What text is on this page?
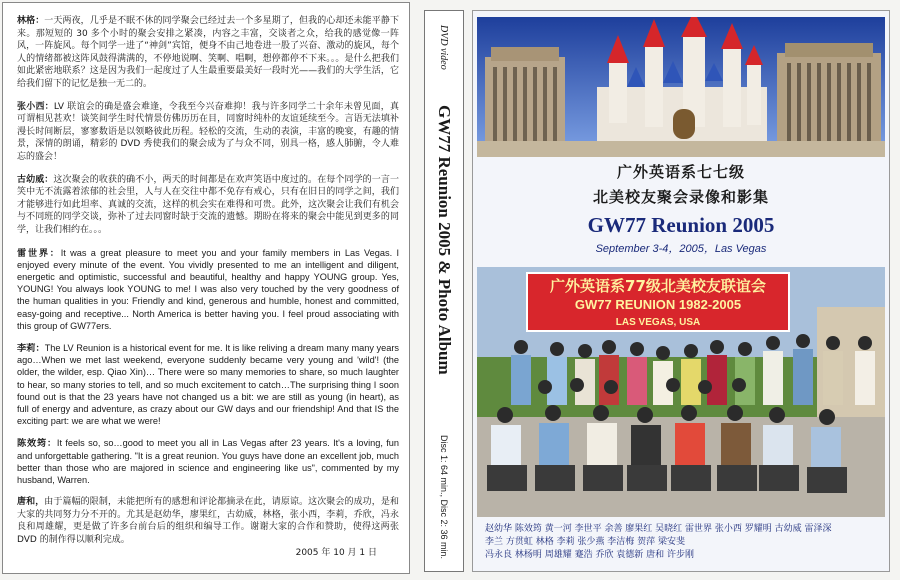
林格：一天两夜，几乎是不眠不休的同学聚会已经过去一个多星期了，但我的心却还未能平静下来。那短短的 30 多个小时的聚会安排之紧凑，内容之丰富，交谈者之众，给我的感觉像一阵风，一阵旋风。每个同学一进了“神剑”宾馆，便身不由己地卷进一股了兴奋、激动的旋风，每个人的情绪都被这阵风鼓得满满的，不停地说啊、笑啊、唱啊，想停都停不下来。。。是什么把我们如此紧密地联系？这是因为我们一起度过了人生最重要最美好一段时光——我们的大学生活，它给我们留下的记忆是独一无二的。

张小西：LV 联谊会的确是盛会难逢，令我至今兴奋难抑！我与许多同学二十余年未曾见面，真可谓相见甚欢！谈笑间学生时代情景仿佛历历在目，同窗时纯朴的友谊延续至今。言语无法填补漫长时间断层，寥寥数语是以领略彼此历程。轻松的交流，生动的表演，丰富的晚宴，有趣的情景，深情的朗诵，精彩的 DVD 秀使我们的聚会成为了与众不同，别具一格，感人肺腑，令人难忘的盛会！

古幼威：这次聚会的收获的确不小，两天的时间都是在欢声笑语中度过的。在每个同学的一言一笑中无不流露着浓郁的社会里，人与人在交往中都不免存有戒心，只有在旧日的同学之间，我们才能够进行如此坦率、真诚的交流，这样的机会实在难得和可贵。此外，这次聚会让我们有机会与不同班的同学交谈，弥补了过去同窗时缺于交流的遗憾。期盼在将来的聚会中能见到更多的同学，让我们相约在。。。

雷世界：It was a great pleasure to meet you and your family members in Las Vegas. I enjoyed every minute of the event. You vividly presented to me an intelligent and diligent, energetic and optimistic, successful and beautiful, healthy and happy YOUNG group. Yes, YOUNG! You always look YOUNG to me! I was also very touched by the very goodness of the human qualities in you: Friendly and kind, generous and humble, honest and committed, easy-going and receptive... North America is better having you. I feel proud associating with this group of GW77ers.

李莉：The LV Reunion is a historical event for me. It is like reliving a dream many many years ago…When we met last weekend, everyone suddenly became very young and 'wild'! (the older, the wilder, esp. Qiao Xin)… There were so many memories to share, so much laughter to hear, so many stories to tell, and so much excitement to catch…The surprising thing I soon found out is that the 23 years have not changed us a bit: we are still as young (in heart), as full of energy and adventure, as crazy about our GW days and our friendship! And that IS the exciting part: we are what we were!

陈效筠：It feels so, so…good to meet you all in Las Vegas after 23 years. It's a loving, fun and unforgettable gathering. "It is a great reunion. You guys have done an excellent job, much better than those who are majored in science and engineering like us", commented by my husband, Warren.

唐和，由于篇幅的限制，未能把所有的感想和评论都摘录在此，请原谅。这次聚会的成功，是和大家的共同努力分不开的。尤其是赵幼华，廖果红，古幼威，林格，张小西，李莉，乔欣，冯永良和周雄耀，更是做了许多台前台后的组织和编导工作。谢谢大家的合作和赞助，使得这两张 DVD 的制作得以顺利完成。
2005 年 10 月 1 日

DVD video
GW77 Reunion 2005 & Photo Album
Disc 1: 64 min., Disc 2: 36 min.
广外英语系七七级
北美校友聚会录像和影集
GW77 Reunion 2005
September 3-4，2005，Las Vegas
广外英语系77级北美校友联谊会
GW77 REUNION 1982-2005
LAS VEGAS, USA
赵幼华 陈效筠 黄一河 李世平 余善 廖果红 吴晓红 雷世界 张小西 罗耀明 古幼威 雷泽深
李兰 方贯虹 林格 李莉 张少燕 李洁梅 贺萍 梁安斐
冯永良 林杨明 周雄耀 蹇浩 乔欣 袁德新 唐和 许步刚
